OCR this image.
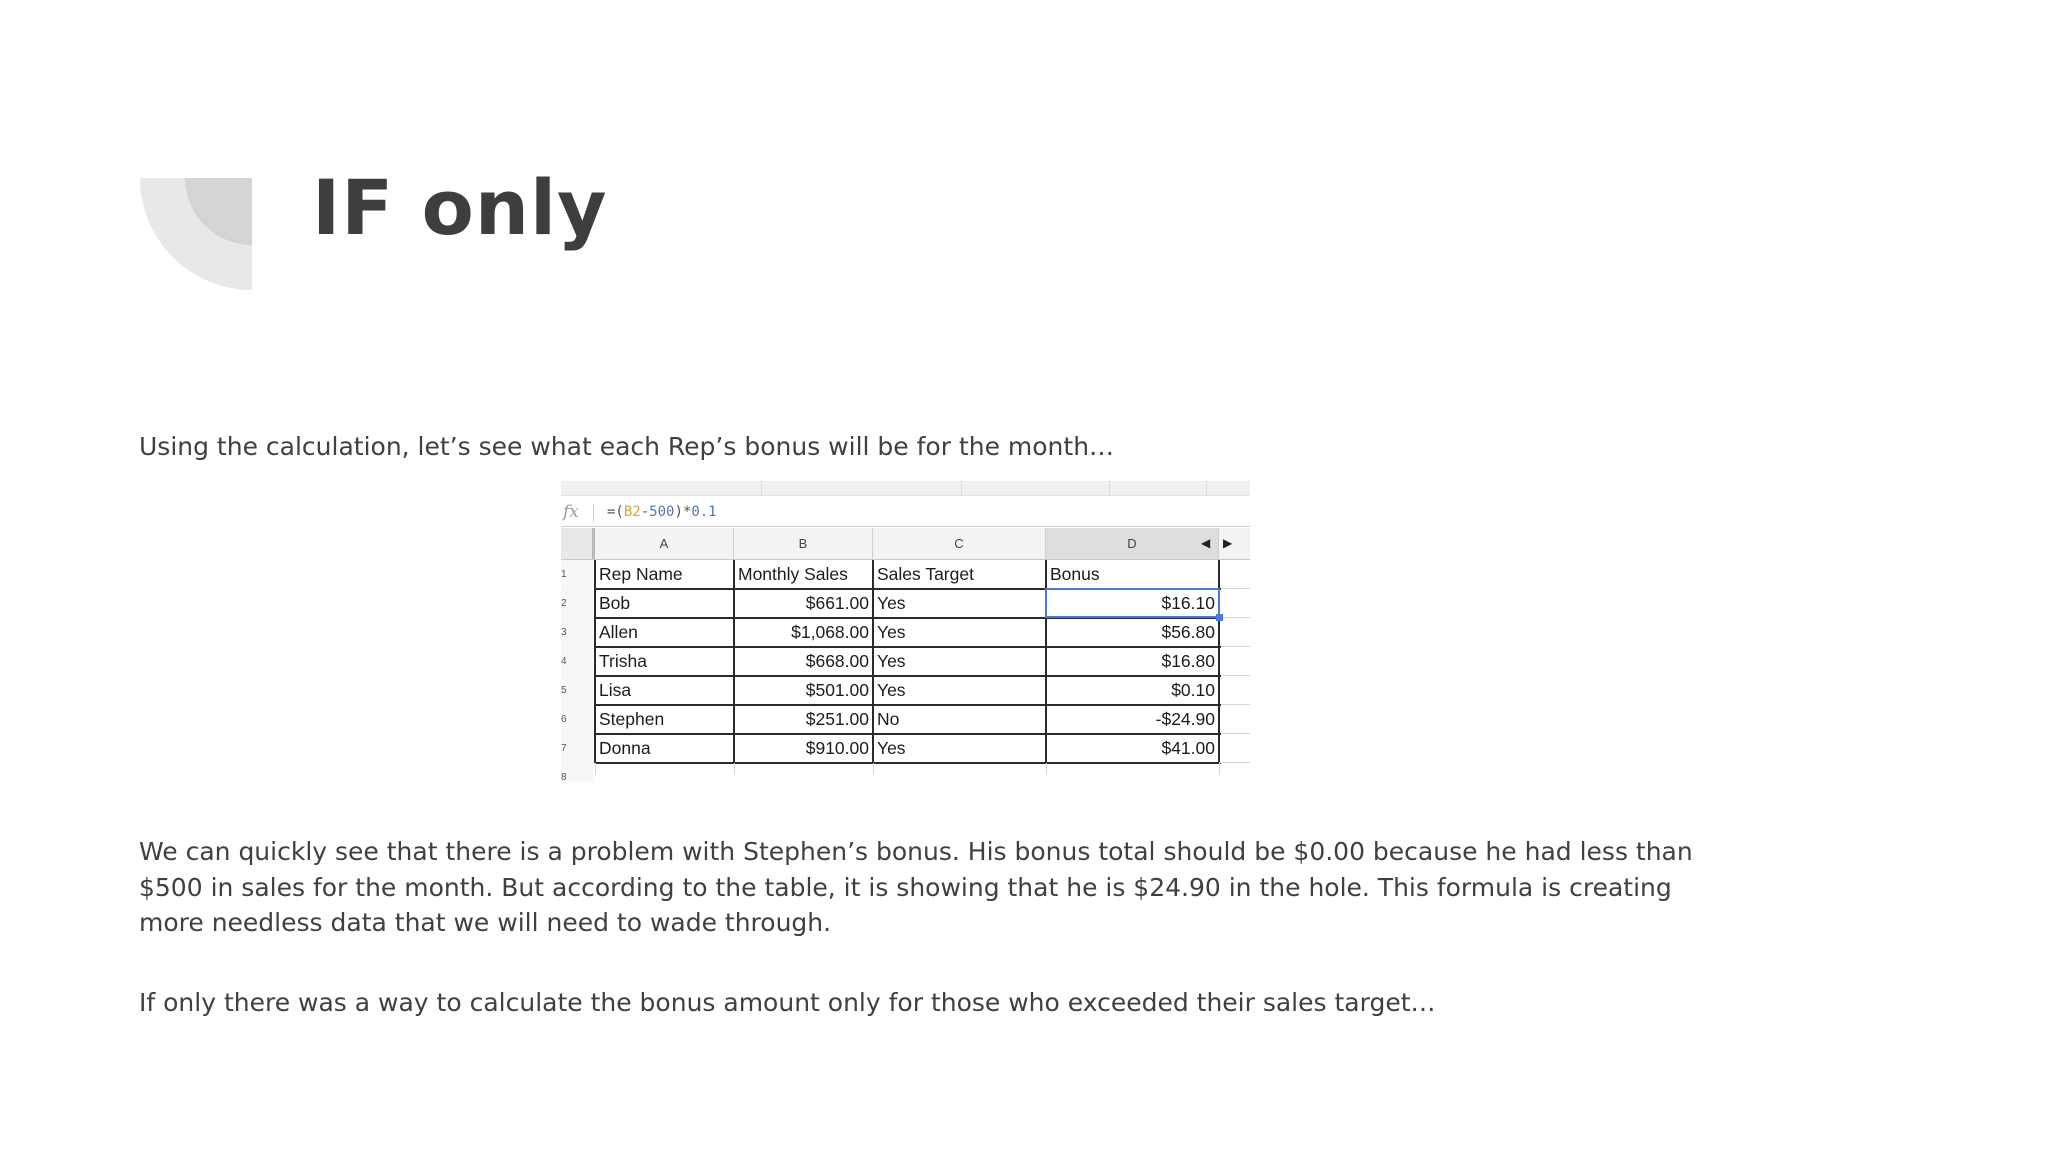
IF only

Using the calculation, let’s see what each Rep’s bonus will be for the month…

fx =(B2-500)*0.1
A	B	C	D	◀ ▶
1
2
3
4
5
6
7
8
Rep Name	Monthly Sales	Sales Target	Bonus
Bob	$661.00 Yes	$16.10
Allen	$1,068.00 Yes	$56.80
Trisha	$668.00 Yes	$16.80
Lisa	$501.00 Yes	$0.10
Stephen	$251.00 No	-$24.90
Donna	$910.00 Yes	$41.00

We can quickly see that there is a problem with Stephen’s bonus. His bonus total should be $0.00 because he had less than $500 in sales for the month. But according to the table, it is showing that he is $24.90 in the hole. This formula is creating more needless data that we will need to wade through.

If only there was a way to calculate the bonus amount only for those who exceeded their sales target…
